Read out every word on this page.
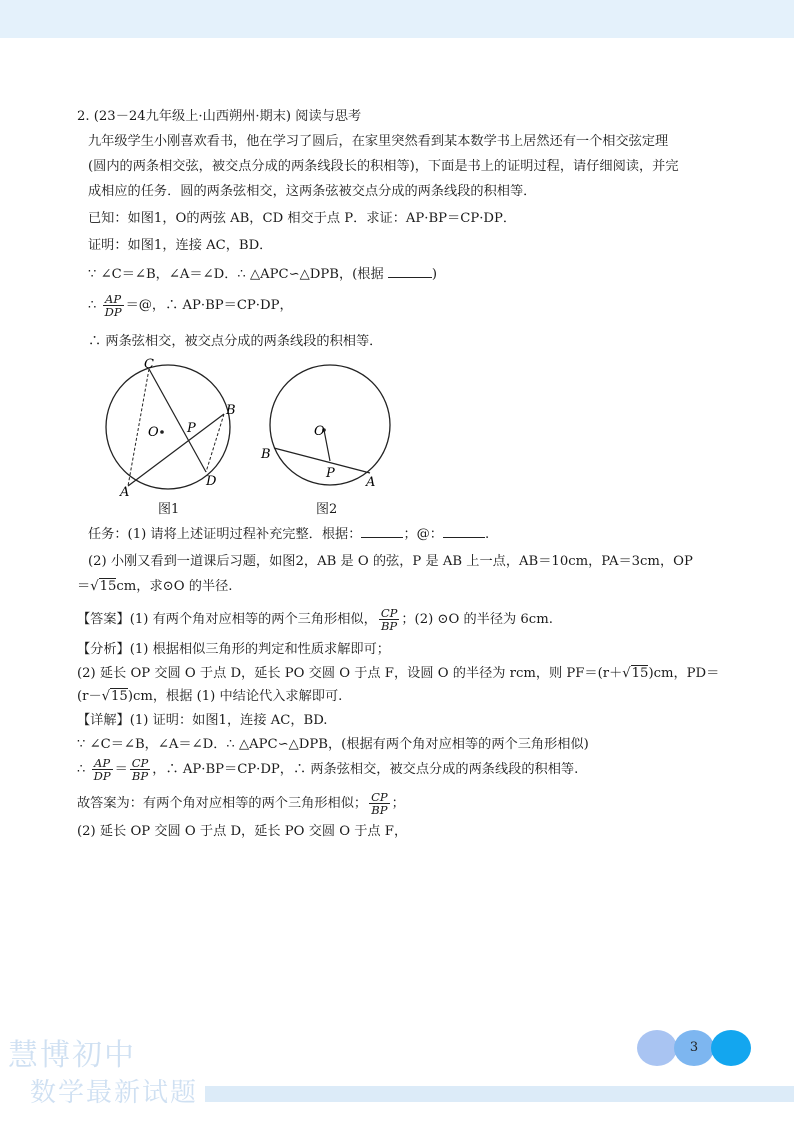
2. (23－24九年级上·山西朔州·期末) 阅读与思考
九年级学生小刚喜欢看书，他在学习了圆后，在家里突然看到某本数学书上居然还有一个相交弦定理
(圆内的两条相交弦，被交点分成的两条线段长的积相等)，下面是书上的证明过程，请仔细阅读，并完
成相应的任务．圆的两条弦相交，这两条弦被交点分成的两条线段的积相等．
已知：如图1，O的两弦 AB，CD 相交于点 P．求证：AP·BP＝CP·DP．
证明：如图1，连接 AC，BD．
∵ ∠C＝∠B，∠A＝∠D．∴ △APC∽△DPB，(根据	)
∴ $\frac{AP}{DP}$ ＝@，∴ AP·BP＝CP·DP，
∴ 两条弦相交，被交点分成的两条线段的积相等．
C
B
O P
A
D
O
B
P
A
图1	图2
任务：(1) 请将上述证明过程补充完整．根据：	；@：	.
(2) 小刚又看到一道课后习题，如图2，AB 是 O 的弦，P 是 AB 上一点，AB＝10cm，PA＝3cm，OP
＝√15cm，求⊙O 的半径.
【答案】(1) 有两个角对应相等的两个三角形相似， $\frac{CP}{BP}$ ；(2) ⊙O 的半径为 6cm.
【分析】(1) 根据相似三角形的判定和性质求解即可；
(2) 延长 OP 交圆 O 于点 D，延长 PO 交圆 O 于点 F，设圆 O 的半径为 rcm，则 PF＝(r＋√15)cm，PD＝
(r－√15)cm，根据 (1) 中结论代入求解即可.
【详解】(1) 证明：如图1，连接 AC，BD.
∵ ∠C＝∠B，∠A＝∠D．∴ △APC∽△DPB，(根据有两个角对应相等的两个三角形相似)
∴ $\frac{AP}{DP} = \frac{CP}{BP}$ ，∴ AP·BP＝CP·DP，∴ 两条弦相交，被交点分成的两条线段的积相等.
故答案为：有两个角对应相等的两个三角形相似； $\frac{CP}{BP}$ ；
(2) 延长 OP 交圆 O 于点 D，延长 PO 交圆 O 于点 F，
慧博初中
数学最新试题
3
